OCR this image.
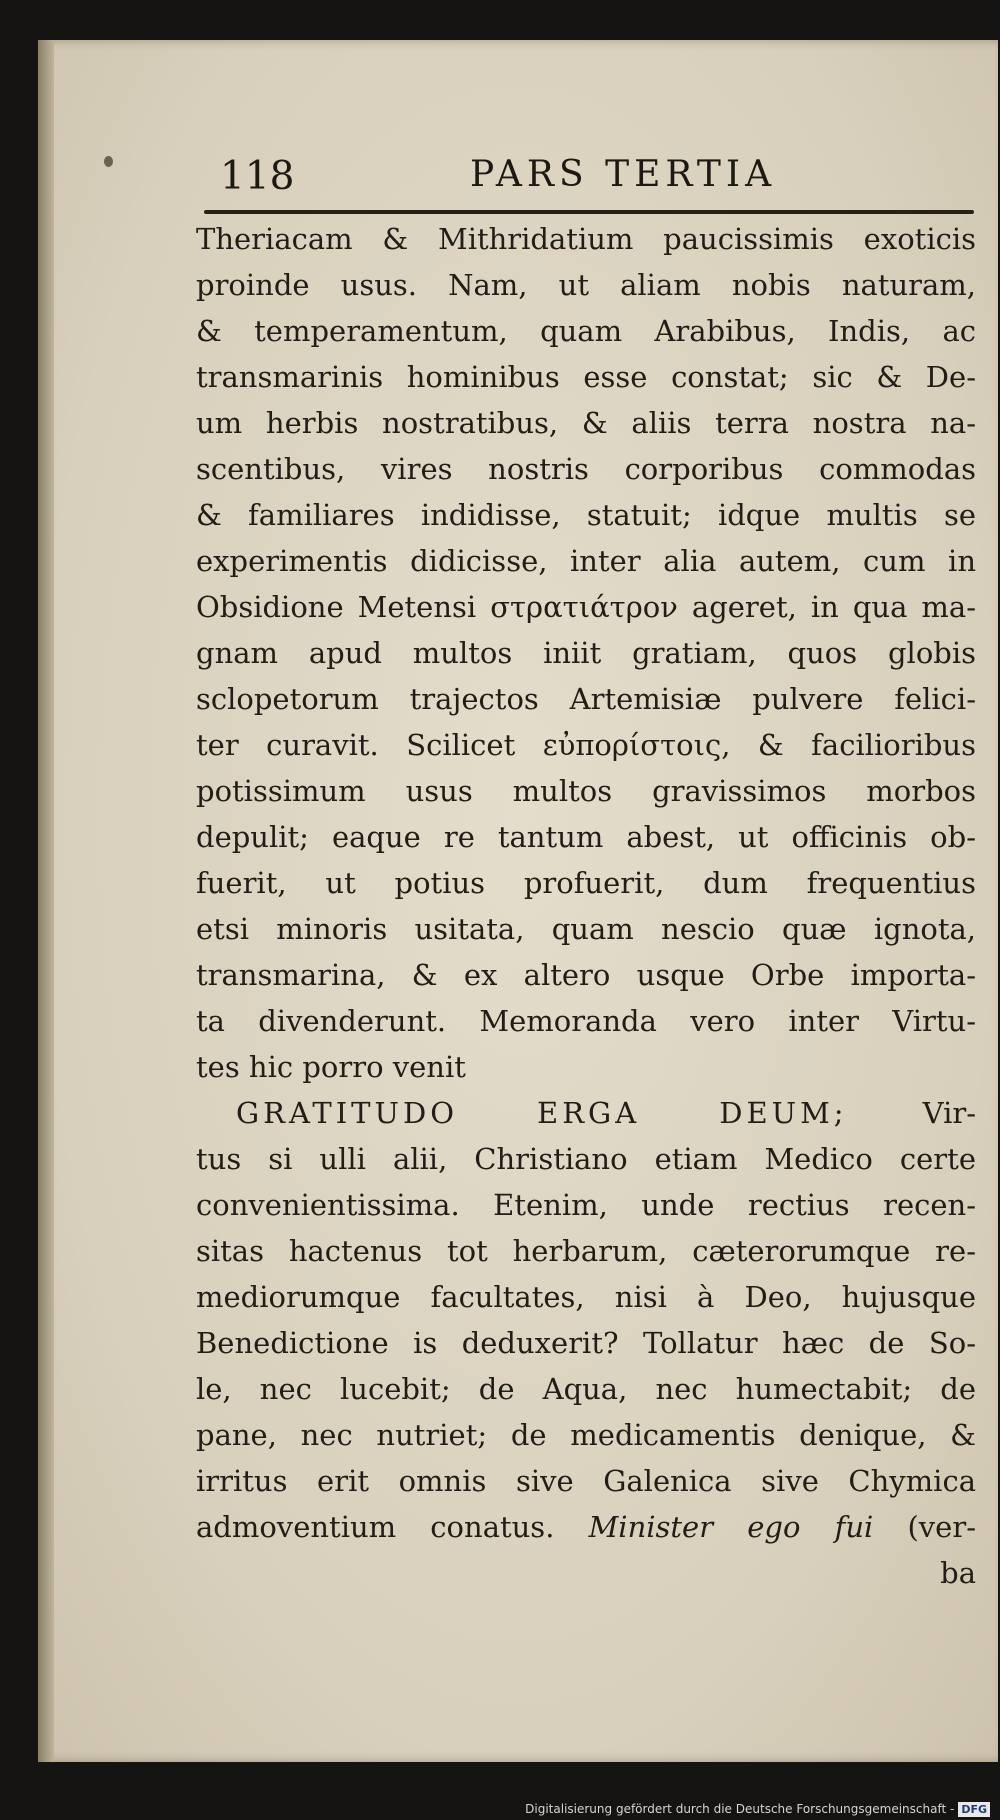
118	PARS TERTIA
Theriacam & Mithridatium paucissimis exoticis
proinde usus. Nam, ut aliam nobis naturam,
& temperamentum, quam Arabibus, Indis, ac
transmarinis hominibus esse constat; sic & De-
um herbis nostratibus, & aliis terra nostra na-
scentibus, vires nostris corporibus commodas
& familiares indidisse, statuit; idque multis se
experimentis didicisse, inter alia autem, cum in
Obsidione Metensi στρατιάτρον ageret, in qua ma-
gnam apud multos iniit gratiam, quos globis
sclopetorum trajectos Artemisiæ pulvere felici-
ter curavit. Scilicet εὐπορίστοις, & facilioribus
potissimum usus multos gravissimos morbos
depulit; eaque re tantum abest, ut officinis ob-
fuerit, ut potius profuerit, dum frequentius
etsi minoris usitata, quam nescio quæ ignota,
transmarina, & ex altero usque Orbe importa-
ta divenderunt. Memoranda vero inter Virtu-
tes hic porro venit
GRATITUDO ERGA DEUM; Vir-
tus si ulli alii, Christiano etiam Medico certe
convenientissima. Etenim, unde rectius recen-
sitas hactenus tot herbarum, cæterorumque re-
mediorumque facultates, nisi à Deo, hujusque
Benedictione is deduxerit? Tollatur hæc de So-
le, nec lucebit; de Aqua, nec humectabit; de
pane, nec nutriet; de medicamentis denique, &
irritus erit omnis sive Galenica sive Chymica
admoventium conatus. Minister ego fui (ver-
ba
Digitalisierung gefördert durch die Deutsche Forschungsgemeinschaft - DFG
